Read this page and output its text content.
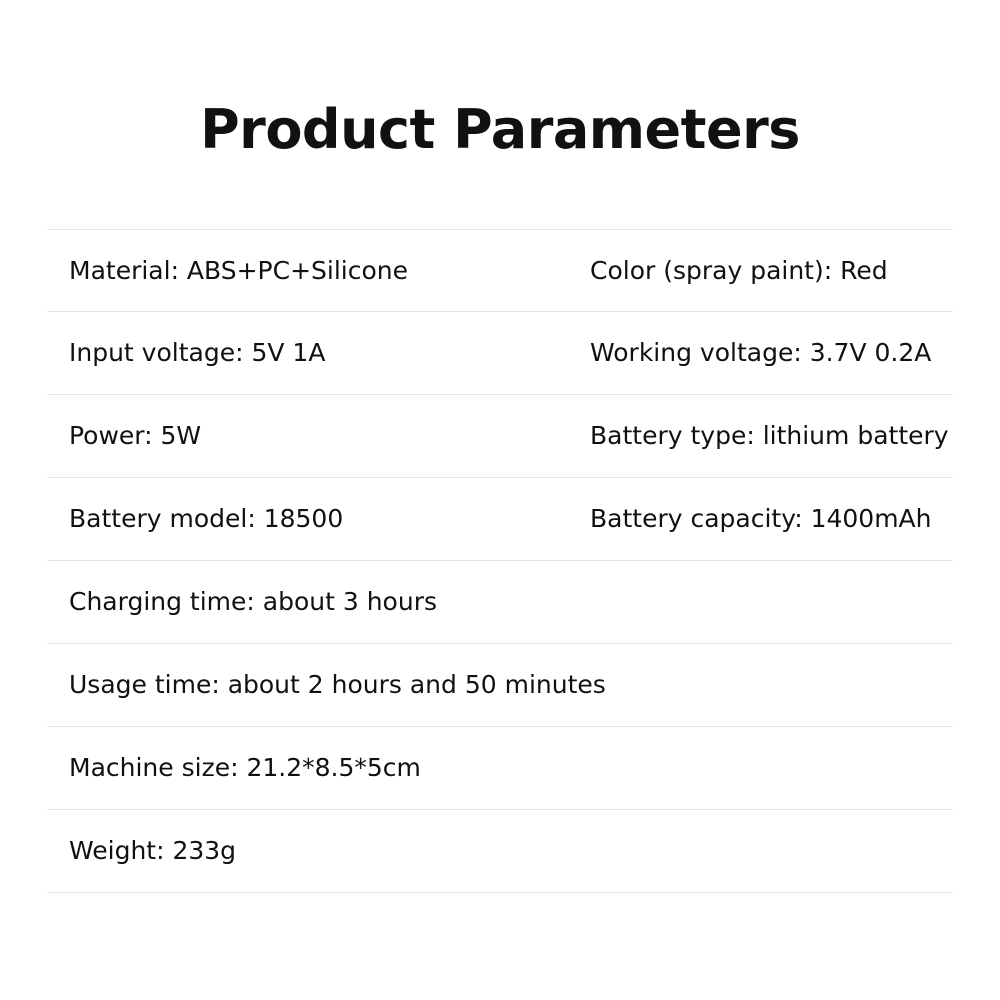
Product Parameters
Material: ABS+PC+Silicone	Color (spray paint): Red
Input voltage: 5V 1A	Working voltage: 3.7V 0.2A
Power: 5W	Battery type: lithium battery
Battery model: 18500	Battery capacity: 1400mAh
Charging time: about 3 hours
Usage time: about 2 hours and 50 minutes
Machine size: 21.2*8.5*5cm
Weight: 233g
